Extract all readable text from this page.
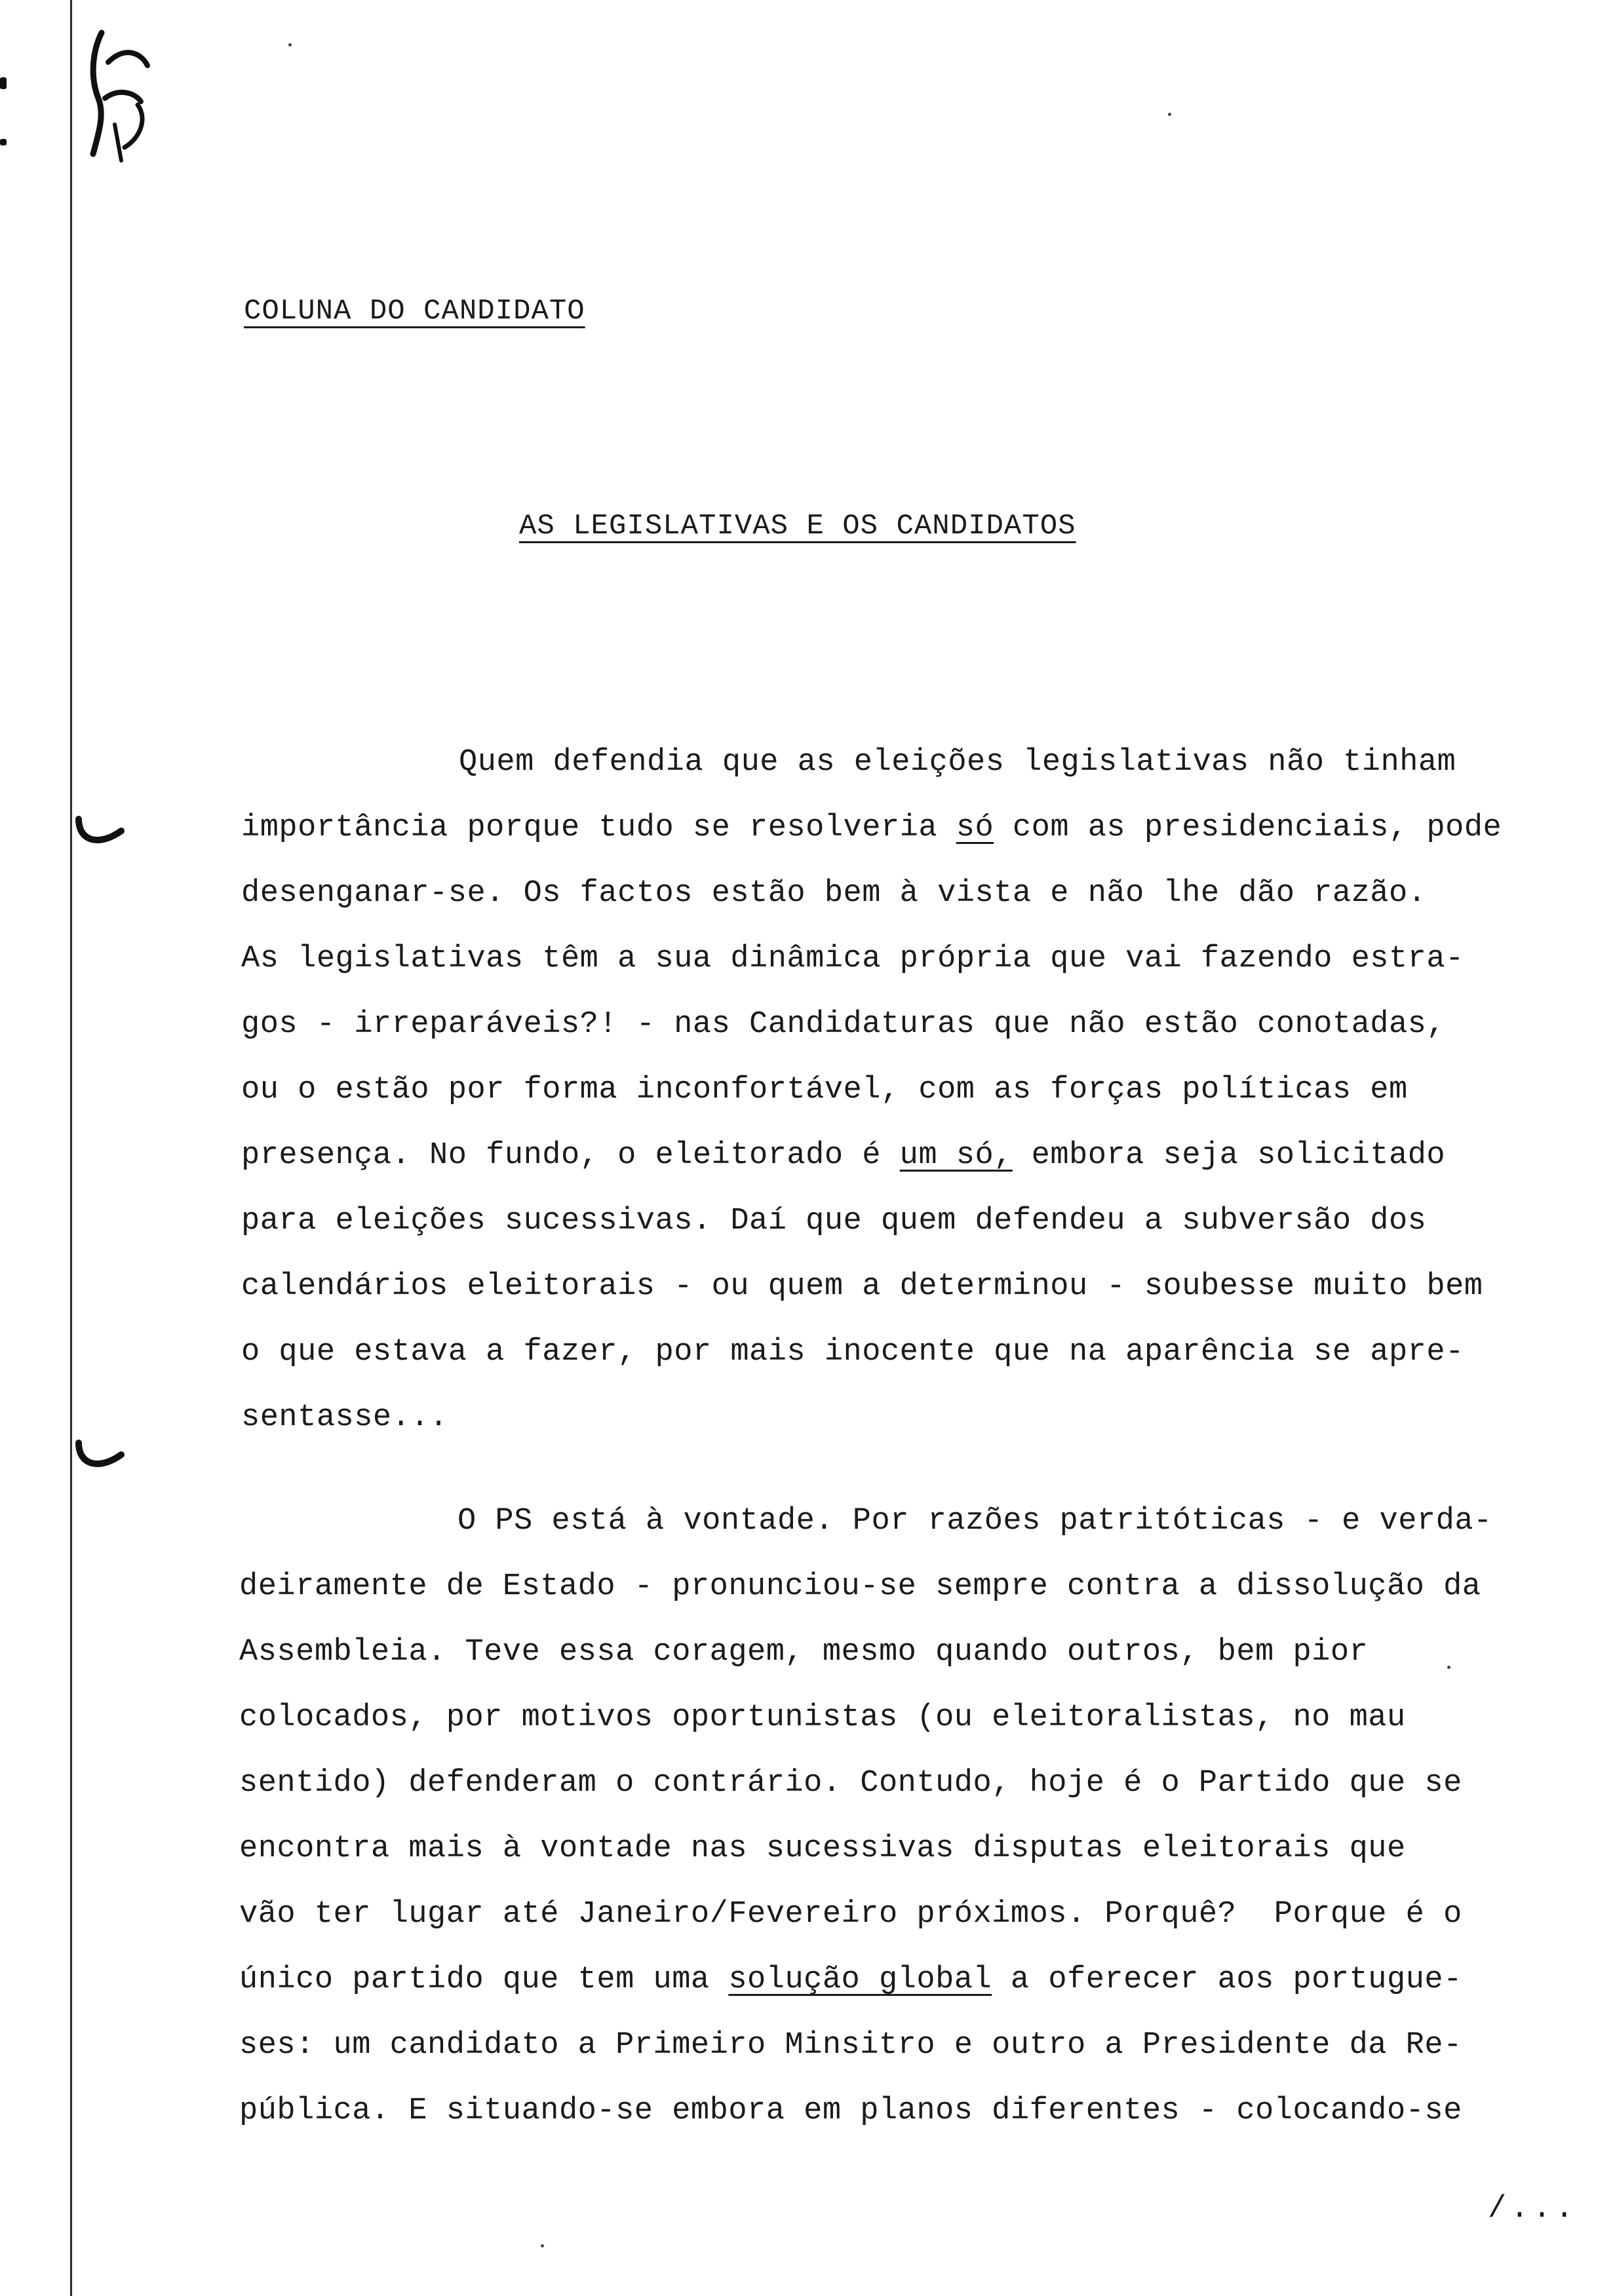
COLUNA DO CANDIDATO
AS LEGISLATIVAS E OS CANDIDATOS
Quem defendia que as eleições legislativas não tinham
importância porque tudo se resolveria só com as presidenciais, pode
desenganar-se. Os factos estão bem à vista e não lhe dão razão.
As legislativas têm a sua dinâmica própria que vai fazendo estra-
gos - irreparáveis?! - nas Candidaturas que não estão conotadas,
ou o estão por forma inconfortável, com as forças políticas em
presença. No fundo, o eleitorado é um só, embora seja solicitado
para eleições sucessivas. Daí que quem defendeu a subversão dos
calendários eleitorais - ou quem a determinou - soubesse muito bem
o que estava a fazer, por mais inocente que na aparência se apre-
sentasse...
O PS está à vontade. Por razões patritóticas - e verda-
deiramente de Estado - pronunciou-se sempre contra a dissolução da
Assembleia. Teve essa coragem, mesmo quando outros, bem pior
colocados, por motivos oportunistas (ou eleitoralistas, no mau
sentido) defenderam o contrário. Contudo, hoje é o Partido que se
encontra mais à vontade nas sucessivas disputas eleitorais que
vão ter lugar até Janeiro/Fevereiro próximos. Porquê?  Porque é o
único partido que tem uma solução global a oferecer aos portugue-
ses: um candidato a Primeiro Minsitro e outro a Presidente da Re-
pública. E situando-se embora em planos diferentes - colocando-se
/...
